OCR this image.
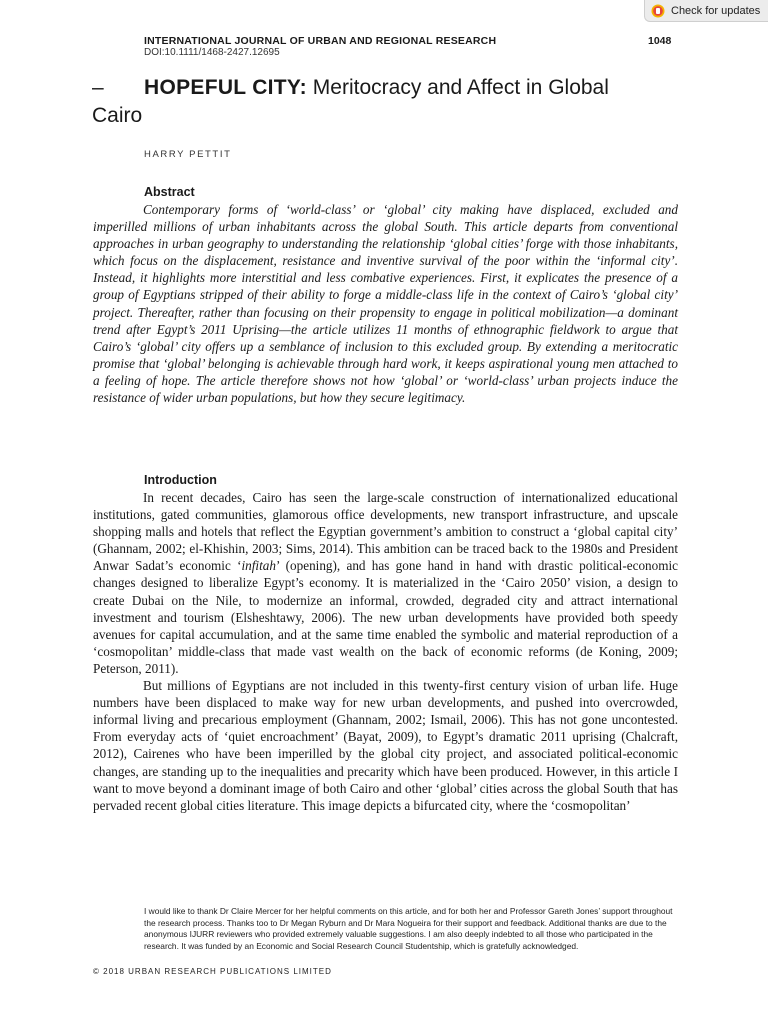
Check for updates
INTERNATIONAL JOURNAL OF URBAN AND REGIONAL RESEARCH	1048
DOI:10.1111/1468-2427.12695
– HOPEFUL CITY: Meritocracy and Affect in Global
Cairo
HARRY PETTIT
Abstract

Contemporary forms of ‘world-class’ or ‘global’ city making have displaced, excluded and imperilled millions of urban inhabitants across the global South. This article departs from conventional approaches in urban geography to understanding the relationship ‘global cities’ forge with those inhabitants, which focus on the displacement, resistance and inventive survival of the poor within the ‘informal city’. Instead, it highlights more interstitial and less combative experiences. First, it explicates the presence of a group of Egyptians stripped of their ability to forge a middle-class life in the context of Cairo’s ‘global city’ project. Thereafter, rather than focusing on their propensity to engage in political mobilization—a dominant trend after Egypt’s 2011 Uprising—the article utilizes 11 months of ethnographic fieldwork to argue that Cairo’s ‘global’ city offers up a semblance of inclusion to this excluded group. By extending a meritocratic promise that ‘global’ belonging is achievable through hard work, it keeps aspirational young men attached to a feeling of hope. The article therefore shows not how ‘global’ or ‘world-class’ urban projects induce the resistance of wider urban populations, but how they secure legitimacy.

Introduction

In recent decades, Cairo has seen the large-scale construction of internationalized educational institutions, gated communities, glamorous office developments, new transport infrastructure, and upscale shopping malls and hotels that reflect the Egyptian government’s ambition to construct a ‘global capital city’ (Ghannam, 2002; el-Khishin, 2003; Sims, 2014). This ambition can be traced back to the 1980s and President Anwar Sadat’s economic ‘infitah’ (opening), and has gone hand in hand with drastic political-economic changes designed to liberalize Egypt’s economy. It is materialized in the ‘Cairo 2050’ vision, a design to create Dubai on the Nile, to modernize an informal, crowded, degraded city and attract international investment and tourism (Elsheshtawy, 2006). The new urban developments have provided both speedy avenues for capital accumulation, and at the same time enabled the symbolic and material reproduction of a ‘cosmopolitan’ middle-class that made vast wealth on the back of economic reforms (de Koning, 2009; Peterson, 2011).

But millions of Egyptians are not included in this twenty-first century vision of urban life. Huge numbers have been displaced to make way for new urban developments, and pushed into overcrowded, informal living and precarious employment (Ghannam, 2002; Ismail, 2006). This has not gone uncontested. From everyday acts of ‘quiet encroachment’ (Bayat, 2009), to Egypt’s dramatic 2011 uprising (Chalcraft, 2012), Cairenes who have been imperilled by the global city project, and associated political-economic changes, are standing up to the inequalities and precarity which have been produced. However, in this article I want to move beyond a dominant image of both Cairo and other ‘global’ cities across the global South that has pervaded recent global cities literature. This image depicts a bifurcated city, where the ‘cosmopolitan’

I would like to thank Dr Claire Mercer for her helpful comments on this article, and for both her and Professor Gareth Jones’ support throughout the research process. Thanks too to Dr Megan Ryburn and Dr Mara Nogueira for their support and feedback. Additional thanks are due to the anonymous IJURR reviewers who provided extremely valuable suggestions. I am also deeply indebted to all those who participated in the research. It was funded by an Economic and Social Research Council Studentship, which is gratefully acknowledged.
© 2018 URBAN RESEARCH PUBLICATIONS LIMITED
